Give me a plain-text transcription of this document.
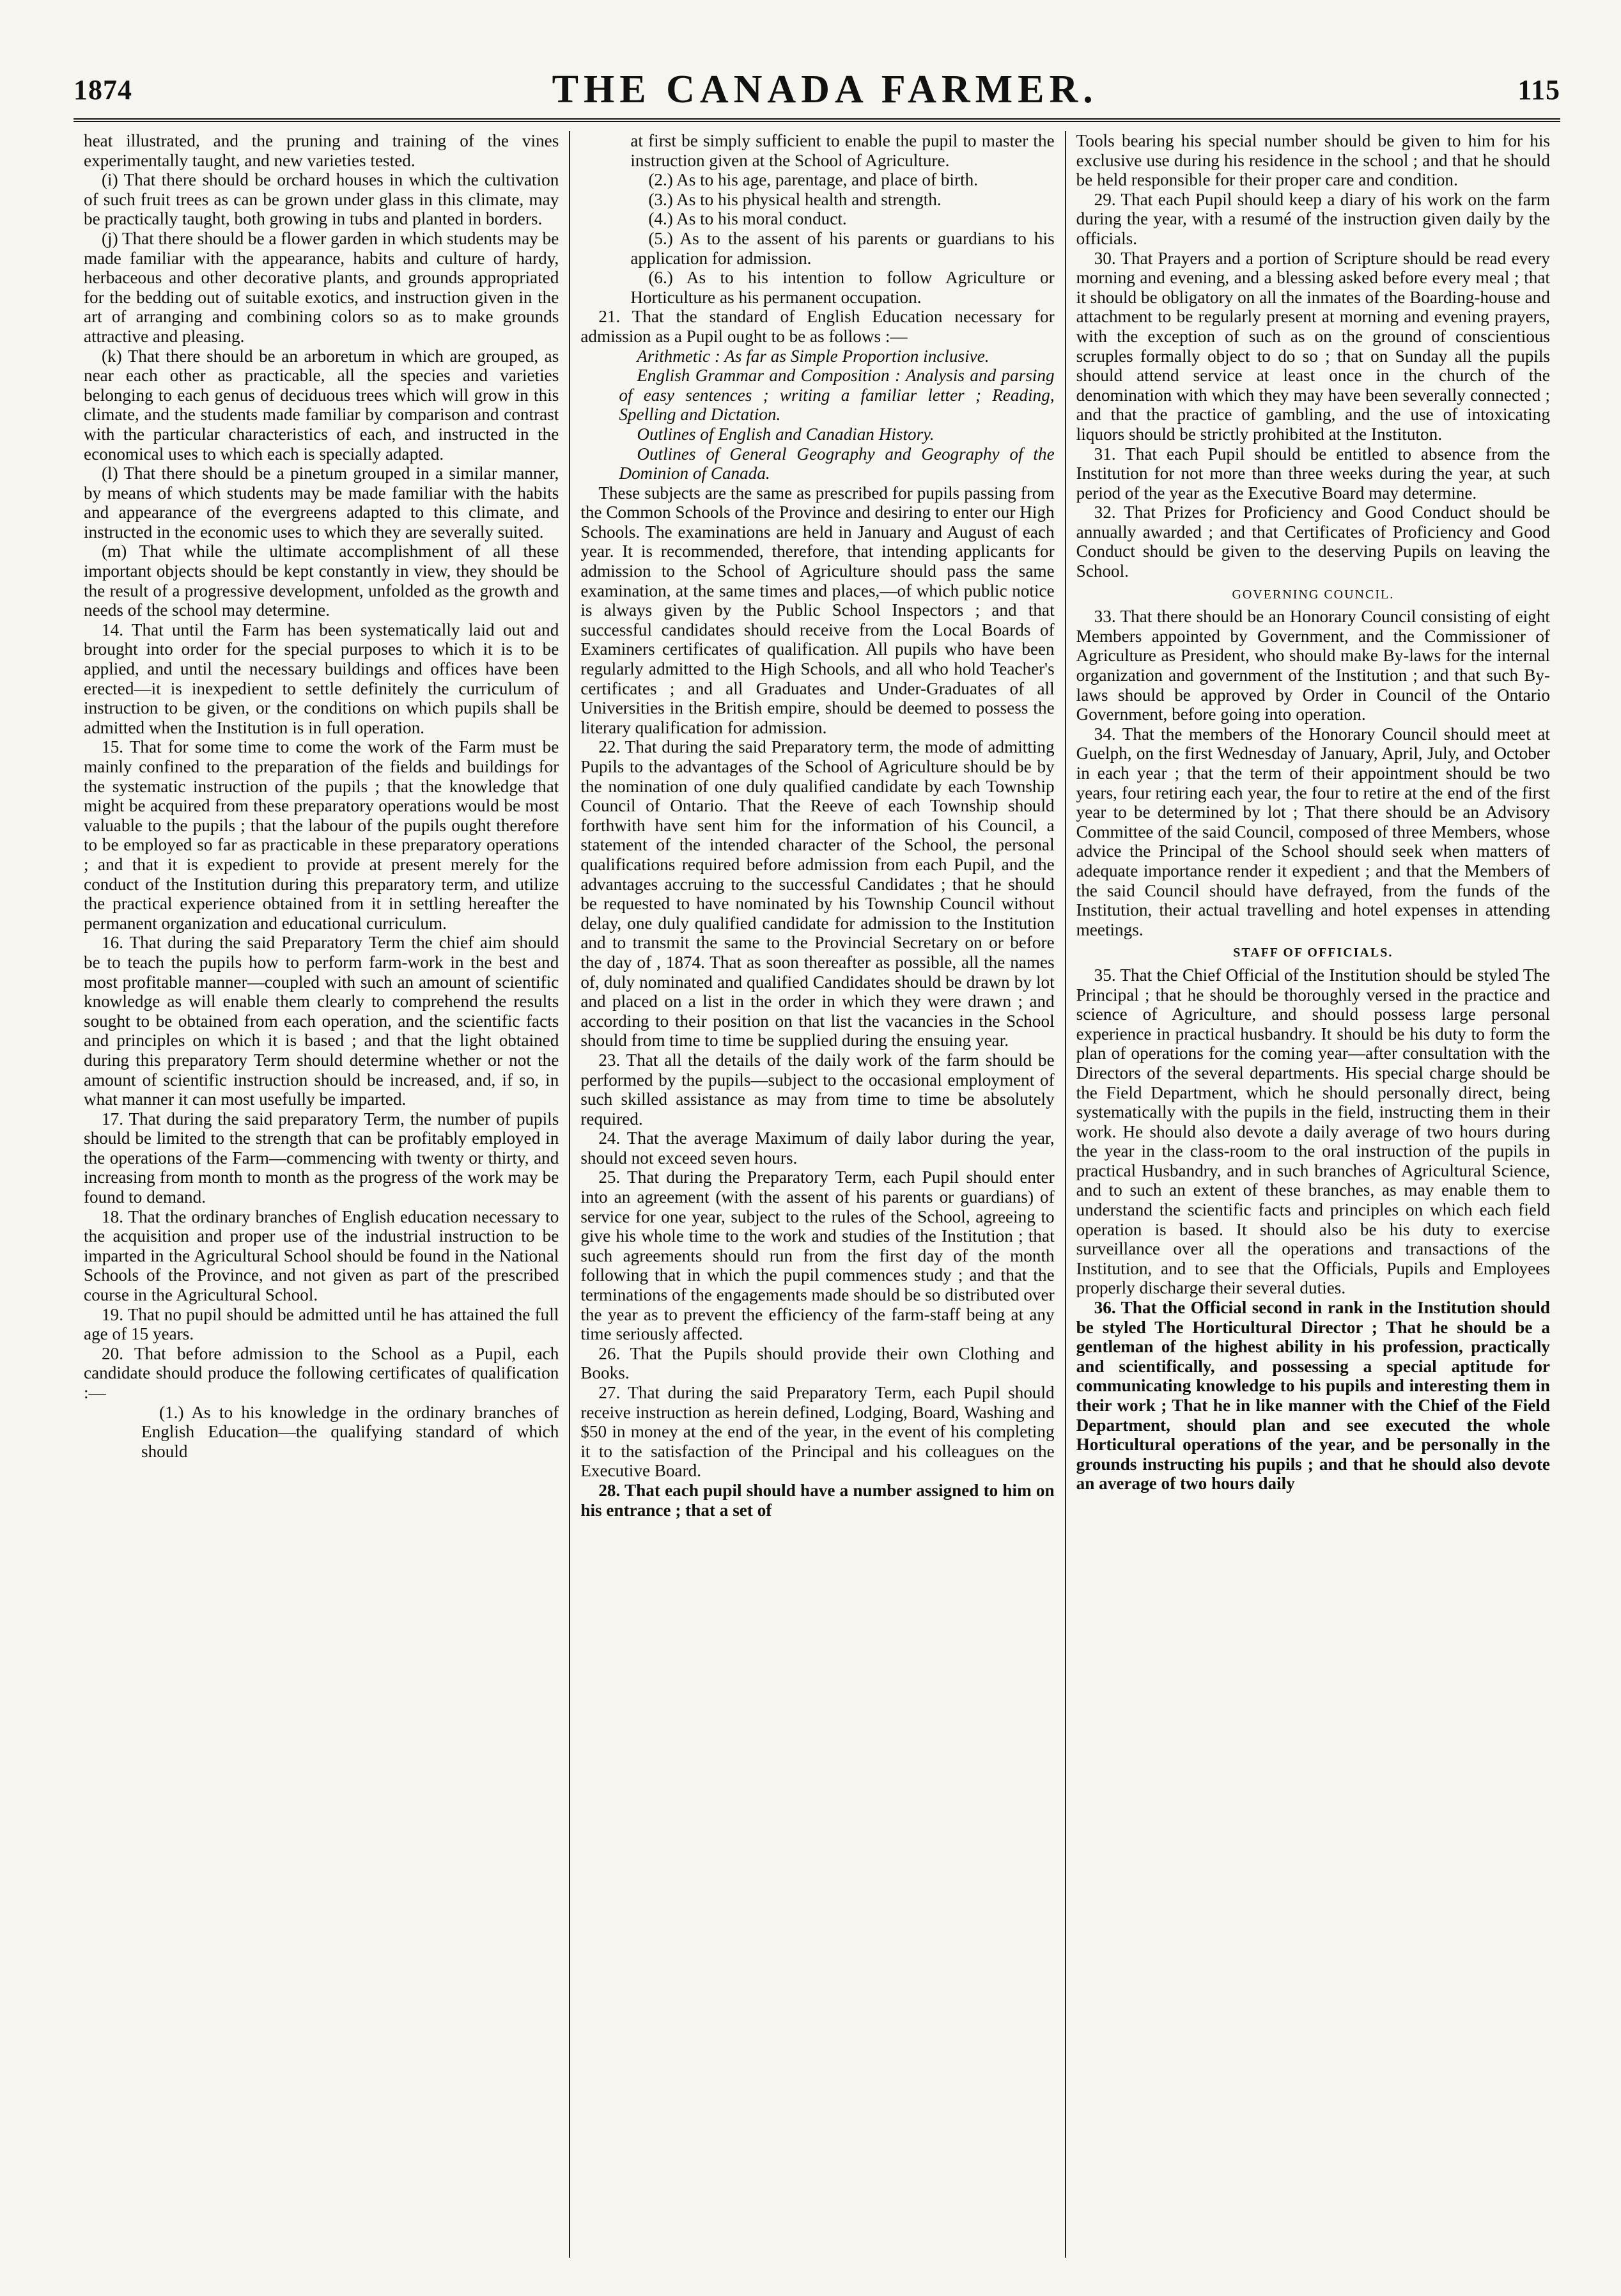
1874	THE CANADA FARMER.	115

heat illustrated, and the pruning and training of the vines experimentally taught, and new varieties tested.

(i) That there should be orchard houses in which the cultivation of such fruit trees as can be grown under glass in this climate, may be practically taught, both growing in tubs and planted in borders.

(j) That there should be a flower garden in which students may be made familiar with the appearance, habits and culture of hardy, herbaceous and other decorative plants, and grounds appropriated for the bedding out of suitable exotics, and instruction given in the art of arranging and combining colors so as to make grounds attractive and pleasing.

(k) That there should be an arboretum in which are grouped, as near each other as practicable, all the species and varieties belonging to each genus of deciduous trees which will grow in this climate, and the students made familiar by comparison and contrast with the particular characteristics of each, and instructed in the economical uses to which each is specially adapted.

(l) That there should be a pinetum grouped in a similar manner, by means of which students may be made familiar with the habits and appearance of the evergreens adapted to this climate, and instructed in the economic uses to which they are severally suited.

(m) That while the ultimate accomplishment of all these important objects should be kept constantly in view, they should be the result of a progressive development, unfolded as the growth and needs of the school may determine.

14. That until the Farm has been systematically laid out and brought into order for the special purposes to which it is to be applied, and until the necessary buildings and offices have been erected—it is inexpedient to settle definitely the curriculum of instruction to be given, or the conditions on which pupils shall be admitted when the Institution is in full operation.

15. That for some time to come the work of the Farm must be mainly confined to the preparation of the fields and buildings for the systematic instruction of the pupils ; that the knowledge that might be acquired from these preparatory operations would be most valuable to the pupils ; that the labour of the pupils ought therefore to be employed so far as practicable in these preparatory operations ; and that it is expedient to provide at present merely for the conduct of the Institution during this preparatory term, and utilize the practical experience obtained from it in settling hereafter the permanent organization and educational curriculum.

16. That during the said Preparatory Term the chief aim should be to teach the pupils how to perform farm-work in the best and most profitable manner—coupled with such an amount of scientific knowledge as will enable them clearly to comprehend the results sought to be obtained from each operation, and the scientific facts and principles on which it is based ; and that the light obtained during this preparatory Term should determine whether or not the amount of scientific instruction should be increased, and, if so, in what manner it can most usefully be imparted.

17. That during the said preparatory Term, the number of pupils should be limited to the strength that can be profitably employed in the operations of the Farm—commencing with twenty or thirty, and increasing from month to month as the progress of the work may be found to demand.

18. That the ordinary branches of English education necessary to the acquisition and proper use of the industrial instruction to be imparted in the Agricultural School should be found in the National Schools of the Province, and not given as part of the prescribed course in the Agricultural School.

19. That no pupil should be admitted until he has attained the full age of 15 years.

20. That before admission to the School as a Pupil, each candidate should produce the following certificates of qualification :—

(1.) As to his knowledge in the ordinary branches of English Education—the qualifying standard of which should

at first be simply sufficient to enable the pupil to master the instruction given at the School of Agriculture.

(2.) As to his age, parentage, and place of birth.

(3.) As to his physical health and strength.

(4.) As to his moral conduct.

(5.) As to the assent of his parents or guardians to his application for admission.

(6.) As to his intention to follow Agriculture or Horticulture as his permanent occupation.

21. That the standard of English Education necessary for admission as a Pupil ought to be as follows :—

Arithmetic : As far as Simple Proportion inclusive.

English Grammar and Composition : Analysis and parsing of easy sentences ; writing a familiar letter ; Reading, Spelling and Dictation.

Outlines of English and Canadian History.

Outlines of General Geography and Geography of the Dominion of Canada.

These subjects are the same as prescribed for pupils passing from the Common Schools of the Province and desiring to enter our High Schools. The examinations are held in January and August of each year. It is recommended, therefore, that intending applicants for admission to the School of Agriculture should pass the same examination, at the same times and places,—of which public notice is always given by the Public School Inspectors ; and that successful candidates should receive from the Local Boards of Examiners certificates of qualification. All pupils who have been regularly admitted to the High Schools, and all who hold Teacher's certificates ; and all Graduates and Under-Graduates of all Universities in the British empire, should be deemed to possess the literary qualification for admission.

22. That during the said Preparatory term, the mode of admitting Pupils to the advantages of the School of Agriculture should be by the nomination of one duly qualified candidate by each Township Council of Ontario. That the Reeve of each Township should forthwith have sent him for the information of his Council, a statement of the intended character of the School, the personal qualifications required before admission from each Pupil, and the advantages accruing to the successful Candidates ; that he should be requested to have nominated by his Township Council without delay, one duly qualified candidate for admission to the Institution and to transmit the same to the Provincial Secretary on or before the day of , 1874. That as soon thereafter as possible, all the names of, duly nominated and qualified Candidates should be drawn by lot and placed on a list in the order in which they were drawn ; and according to their position on that list the vacancies in the School should from time to time be supplied during the ensuing year.

23. That all the details of the daily work of the farm should be performed by the pupils—subject to the occasional employment of such skilled assistance as may from time to time be absolutely required.

24. That the average Maximum of daily labor during the year, should not exceed seven hours.

25. That during the Preparatory Term, each Pupil should enter into an agreement (with the assent of his parents or guardians) of service for one year, subject to the rules of the School, agreeing to give his whole time to the work and studies of the Institution ; that such agreements should run from the first day of the month following that in which the pupil commences study ; and that the terminations of the engagements made should be so distributed over the year as to prevent the efficiency of the farm-staff being at any time seriously affected.

26. That the Pupils should provide their own Clothing and Books.

27. That during the said Preparatory Term, each Pupil should receive instruction as herein defined, Lodging, Board, Washing and $50 in money at the end of the year, in the event of his completing it to the satisfaction of the Principal and his colleagues on the Executive Board.

28. That each pupil should have a number assigned to him on his entrance ; that a set of

Tools bearing his special number should be given to him for his exclusive use during his residence in the school ; and that he should be held responsible for their proper care and condition.

29. That each Pupil should keep a diary of his work on the farm during the year, with a resumé of the instruction given daily by the officials.

30. That Prayers and a portion of Scripture should be read every morning and evening, and a blessing asked before every meal ; that it should be obligatory on all the inmates of the Boarding-house and attachment to be regularly present at morning and evening prayers, with the exception of such as on the ground of conscientious scruples formally object to do so ; that on Sunday all the pupils should attend service at least once in the church of the denomination with which they may have been severally connected ; and that the practice of gambling, and the use of intoxicating liquors should be strictly prohibited at the Instituton.

31. That each Pupil should be entitled to absence from the Institution for not more than three weeks during the year, at such period of the year as the Executive Board may determine.

32. That Prizes for Proficiency and Good Conduct should be annually awarded ; and that Certificates of Proficiency and Good Conduct should be given to the deserving Pupils on leaving the School.

GOVERNING COUNCIL.

33. That there should be an Honorary Council consisting of eight Members appointed by Government, and the Commissioner of Agriculture as President, who should make By-laws for the internal organization and government of the Institution ; and that such By-laws should be approved by Order in Council of the Ontario Government, before going into operation.

34. That the members of the Honorary Council should meet at Guelph, on the first Wednesday of January, April, July, and October in each year ; that the term of their appointment should be two years, four retiring each year, the four to retire at the end of the first year to be determined by lot ; That there should be an Advisory Committee of the said Council, composed of three Members, whose advice the Principal of the School should seek when matters of adequate importance render it expedient ; and that the Members of the said Council should have defrayed, from the funds of the Institution, their actual travelling and hotel expenses in attending meetings.

STAFF OF OFFICIALS.

35. That the Chief Official of the Institution should be styled The Principal ; that he should be thoroughly versed in the practice and science of Agriculture, and should possess large personal experience in practical husbandry. It should be his duty to form the plan of operations for the coming year—after consultation with the Directors of the several departments. His special charge should be the Field Department, which he should personally direct, being systematically with the pupils in the field, instructing them in their work. He should also devote a daily average of two hours during the year in the class-room to the oral instruction of the pupils in practical Husbandry, and in such branches of Agricultural Science, and to such an extent of these branches, as may enable them to understand the scientific facts and principles on which each field operation is based. It should also be his duty to exercise surveillance over all the operations and transactions of the Institution, and to see that the Officials, Pupils and Employees properly discharge their several duties.

36. That the Official second in rank in the Institution should be styled The Horticultural Director ; That he should be a gentleman of the highest ability in his profession, practically and scientifically, and possessing a special aptitude for communicating knowledge to his pupils and interesting them in their work ; That he in like manner with the Chief of the Field Department, should plan and see executed the whole Horticultural operations of the year, and be personally in the grounds instructing his pupils ; and that he should also devote an average of two hours daily
